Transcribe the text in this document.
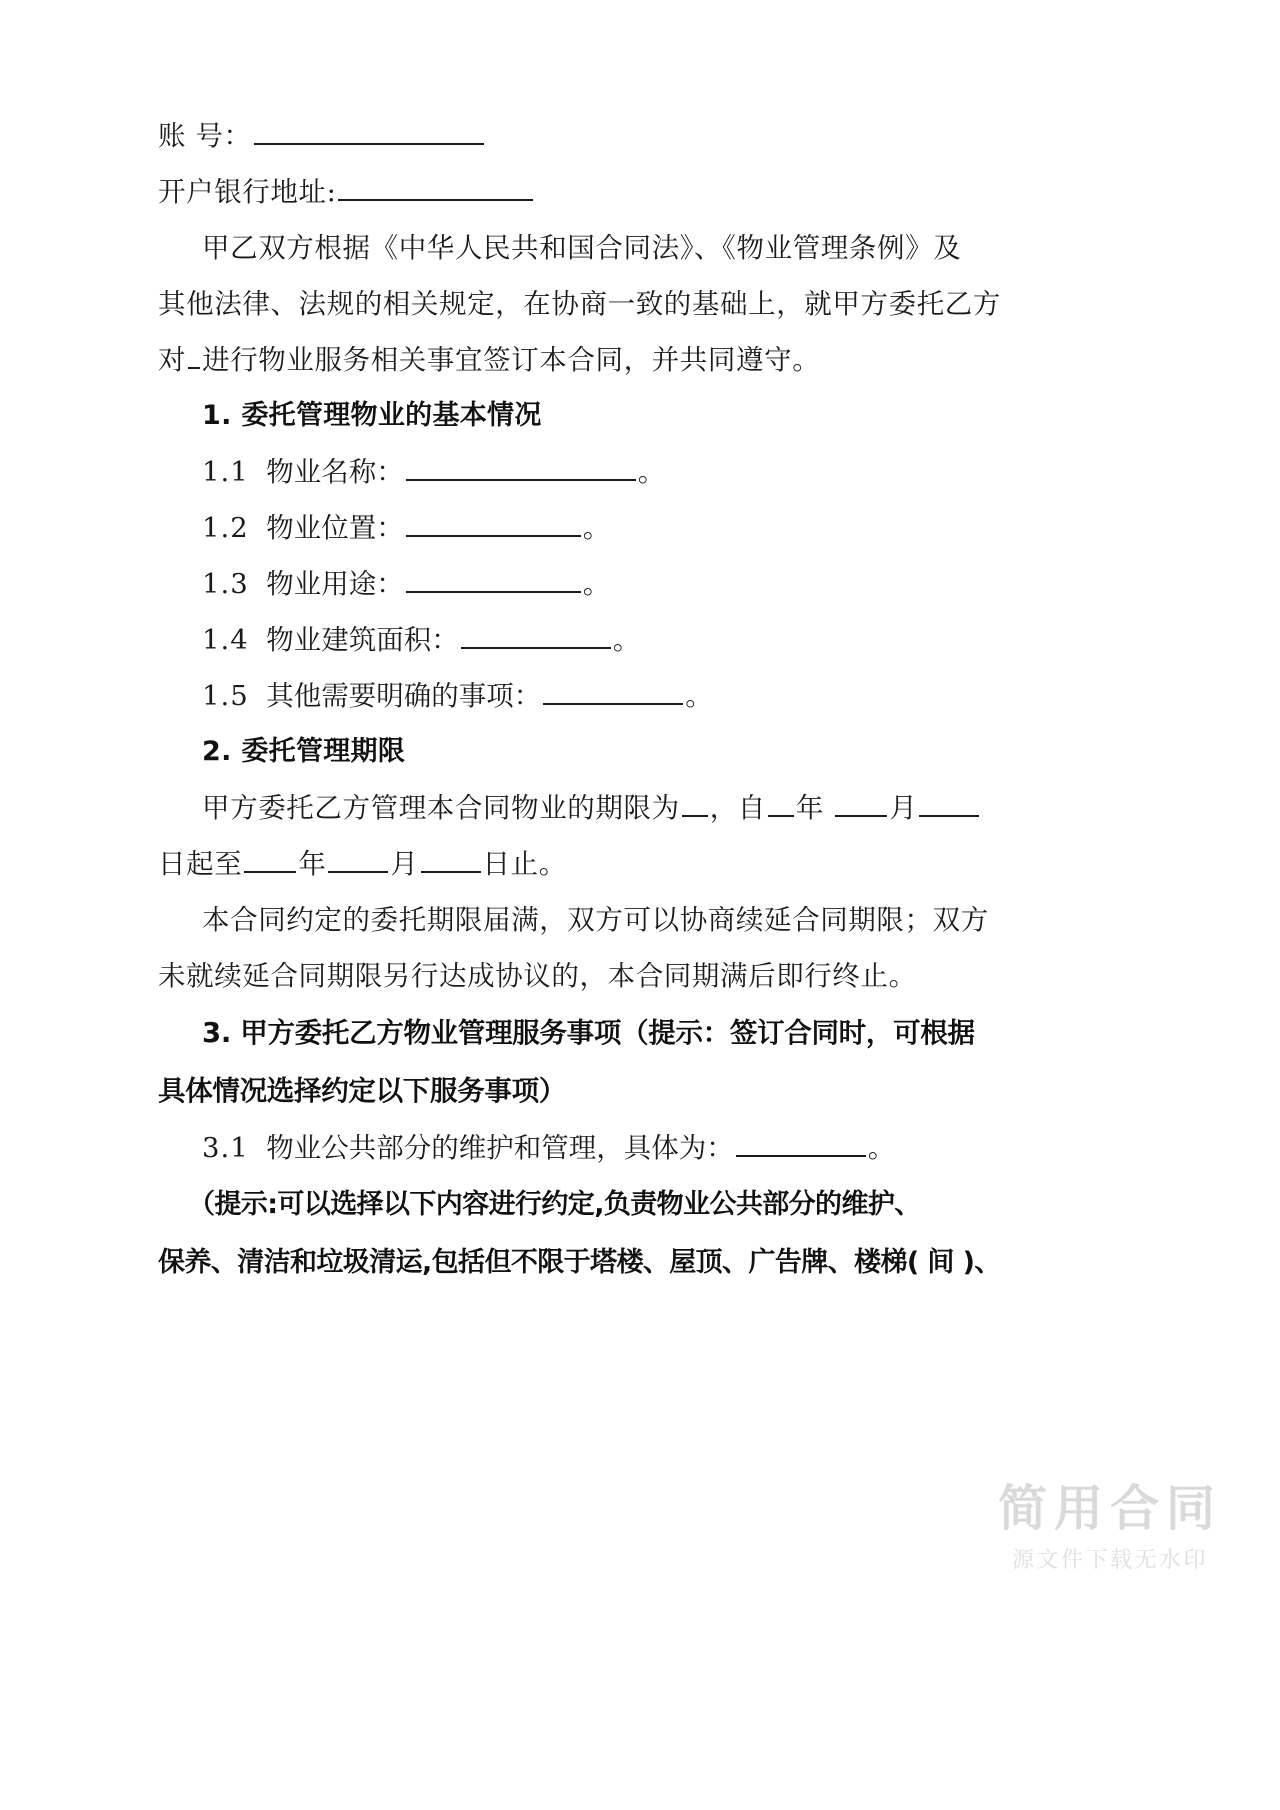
账 号：

开户银行地址:

甲乙双方根据《中华人民共和国合同法》、《物业管理条例》及

其他法律、法规的相关规定，在协商一致的基础上，就甲方委托乙方

对 进行物业服务相关事宜签订本合同，并共同遵守。

1. 委托管理物业的基本情况

1.1 物业名称：	。

1.2 物业位置：	。

1.3 物业用途：	。

1.4 物业建筑面积：	。

1.5 其他需要明确的事项：	。

2. 委托管理期限

甲方委托乙方管理本合同物业的期限为 ，自 年 月

日起至 年 月 日止。

本合同约定的委托期限届满，双方可以协商续延合同期限；双方

未就续延合同期限另行达成协议的，本合同期满后即行终止。

3. 甲方委托乙方物业管理服务事项（提示：签订合同时，可根据

具体情况选择约定以下服务事项）

3.1 物业公共部分的维护和管理，具体为：	。

（提示:可以选择以下内容进行约定,负责物业公共部分的维护、

保养、清洁和垃圾清运,包括但不限于塔楼、屋顶、广告牌、楼梯( 间 )、

简用合同
源文件下载无水印
